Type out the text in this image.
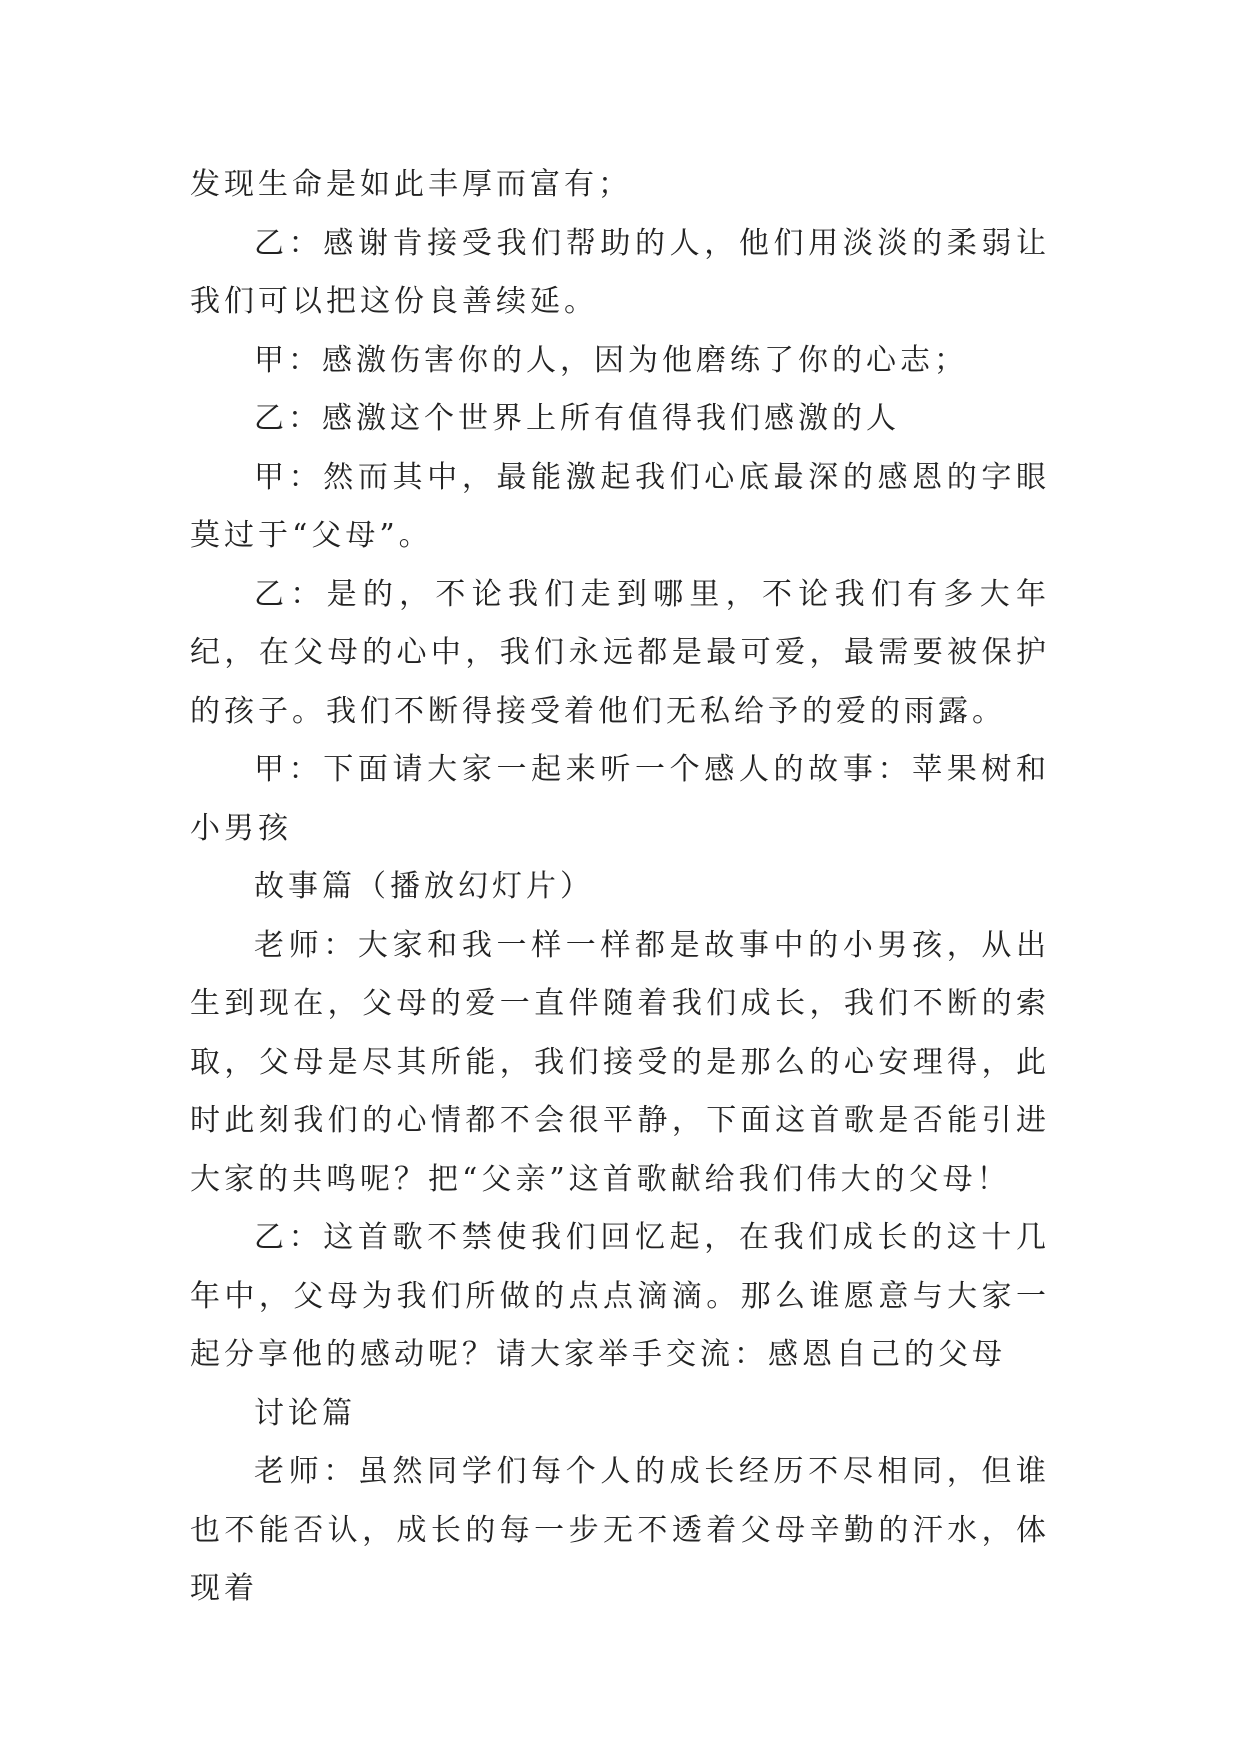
发现生命是如此丰厚而富有；

乙：感谢肯接受我们帮助的人，他们用淡淡的柔弱让我们可以把这份良善续延。

甲：感激伤害你的人，因为他磨练了你的心志；

乙：感激这个世界上所有值得我们感激的人

甲：然而其中，最能激起我们心底最深的感恩的字眼莫过于“父母”。

乙：是的，不论我们走到哪里，不论我们有多大年纪，在父母的心中，我们永远都是最可爱，最需要被保护的孩子。我们不断得接受着他们无私给予的爱的雨露。

甲：下面请大家一起来听一个感人的故事：苹果树和小男孩

故事篇（播放幻灯片）

老师：大家和我一样一样都是故事中的小男孩，从出生到现在，父母的爱一直伴随着我们成长，我们不断的索取，父母是尽其所能，我们接受的是那么的心安理得，此时此刻我们的心情都不会很平静，下面这首歌是否能引进大家的共鸣呢？把“父亲”这首歌献给我们伟大的父母！

乙：这首歌不禁使我们回忆起，在我们成长的这十几年中，父母为我们所做的点点滴滴。那么谁愿意与大家一起分享他的感动呢？请大家举手交流：感恩自己的父母

讨论篇

老师：虽然同学们每个人的成长经历不尽相同，但谁也不能否认，成长的每一步无不透着父母辛勤的汗水，体现着
